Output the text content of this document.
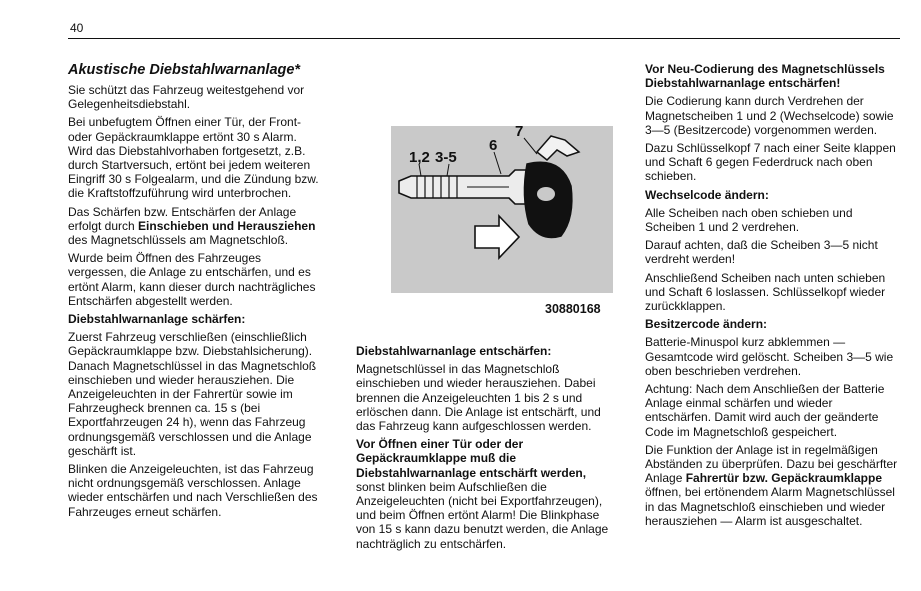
40

Akustische Diebstahlwarnanlage*

Sie schützt das Fahrzeug weitestgehend vor Gelegenheitsdiebstahl.

Bei unbefugtem Öffnen einer Tür, der Front- oder Gepäckraumklappe ertönt 30 s Alarm. Wird das Diebstahlvorhaben fortgesetzt, z.B. durch Startversuch, ertönt bei jedem weiteren Eingriff 30 s Folgealarm, und die Zündung bzw. die Kraftstoffzuführung wird unterbrochen.

Das Schärfen bzw. Entschärfen der Anlage erfolgt durch Einschieben und Herausziehen des Magnetschlüssels am Magnetschloß.

Wurde beim Öffnen des Fahrzeuges vergessen, die Anlage zu entschärfen, und es ertönt Alarm, kann dieser durch nachträgliches Entschärfen abgestellt werden.

Diebstahlwarnanlage schärfen:

Zuerst Fahrzeug verschließen (einschließlich Gepäckraumklappe bzw. Diebstahlsicherung). Danach Magnetschlüssel in das Magnetschloß einschieben und wieder herausziehen. Die Anzeigeleuchten in der Fahrertür sowie im Fahrzeugheck brennen ca. 15 s (bei Exportfahrzeugen 24 h), wenn das Fahrzeug ordnungsgemäß verschlossen und die Anlage geschärft ist.

Blinken die Anzeigeleuchten, ist das Fahrzeug nicht ordnungsgemäß verschlossen. Anlage wieder entschärfen und nach Verschließen des Fahrzeuges erneut schärfen.

1,2 3-5
6
7
30880168

Diebstahlwarnanlage entschärfen:

Magnetschlüssel in das Magnetschloß einschieben und wieder herausziehen. Dabei brennen die Anzeigeleuchten 1 bis 2 s und erlöschen dann. Die Anlage ist entschärft, und das Fahrzeug kann aufgeschlossen werden.

Vor Öffnen einer Tür oder der Gepäckraumklappe muß die Diebstahlwarnanlage entschärft werden, sonst blinken beim Aufschließen die Anzeigeleuchten (nicht bei Exportfahrzeugen), und beim Öffnen ertönt Alarm! Die Blinkphase von 15 s kann dazu benutzt werden, die Anlage nachträglich zu entschärfen.

Vor Neu-Codierung des Magnetschlüssels Diebstahlwarnanlage entschärfen!

Die Codierung kann durch Verdrehen der Magnetscheiben 1 und 2 (Wechselcode) sowie 3—5 (Besitzercode) vorgenommen werden.

Dazu Schlüsselkopf 7 nach einer Seite klappen und Schaft 6 gegen Federdruck nach oben schieben.

Wechselcode ändern:

Alle Scheiben nach oben schieben und Scheiben 1 und 2 verdrehen.

Darauf achten, daß die Scheiben 3—5 nicht verdreht werden!

Anschließend Scheiben nach unten schieben und Schaft 6 loslassen. Schlüsselkopf wieder zurückklappen.

Besitzercode ändern:

Batterie-Minuspol kurz abklemmen — Gesamtcode wird gelöscht. Scheiben 3—5 wie oben beschrieben verdrehen.

Achtung: Nach dem Anschließen der Batterie Anlage einmal schärfen und wieder entschärfen. Damit wird auch der geänderte Code im Magnetschloß gespeichert.

Die Funktion der Anlage ist in regelmäßigen Abständen zu überprüfen. Dazu bei geschärfter Anlage Fahrertür bzw. Gepäckraumklappe öffnen, bei ertönendem Alarm Magnetschlüssel in das Magnetschloß einschieben und wieder herausziehen — Alarm ist ausgeschaltet.
